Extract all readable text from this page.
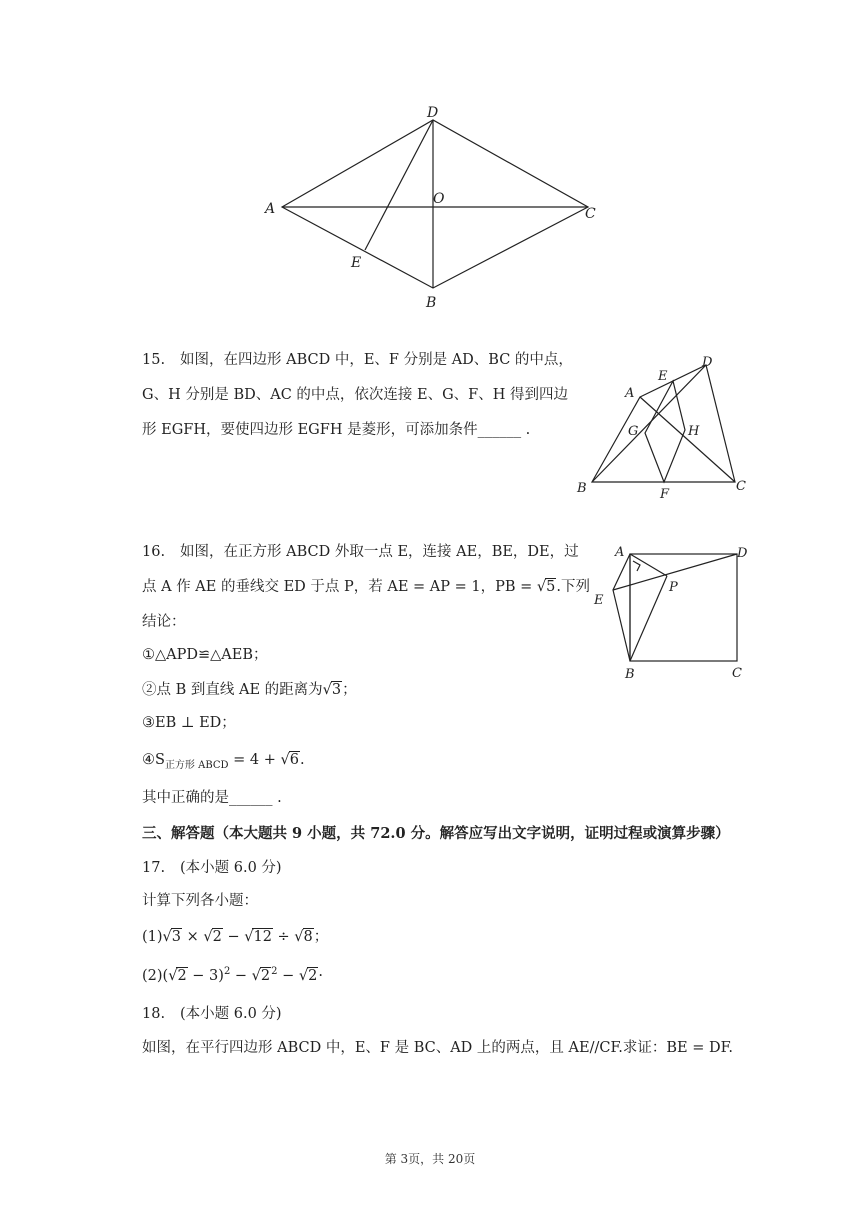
D
A	C
O
E
B
15. 如图，在四边形 ABCD 中，E、F 分别是 AD、BC 的中点，
G、H 分别是 BD、AC 的中点，依次连接 E、G、F、H 得到四边
形 EGFH，要使四边形 EGFH 是菱形，可添加条件______ .
D
E
A
G	H
B	F
C
16. 如图，在正方形 ABCD 外取一点 E，连接 AE，BE，DE，过
点 A 作 AE 的垂线交 ED 于点 P，若 AE = AP = 1，PB = √5.下列
结论：
①△APD≌△AEB；
②点 B 到直线 AE 的距离为√3；
③EB ⊥ ED；
$④S_{正方形 ABCD} = 4 + √6$.
其中正确的是______ .
A	D
P
E
B	C
三、解答题（本大题共 9 小题，共 72.0 分。解答应写出文字说明，证明过程或演算步骤）
17. (本小题 6.0 分)
计算下列各小题：
(1)√3 × √2 − √12 ÷ √8；
$(2)(√2 - 3)^2 - √2^2 - √2\cdot$
18. (本小题 6.0 分)
如图，在平行四边形 ABCD 中，E、F 是 BC、AD 上的两点，且 AE//CF.求证：BE = DF.
第 3页，共 20页
